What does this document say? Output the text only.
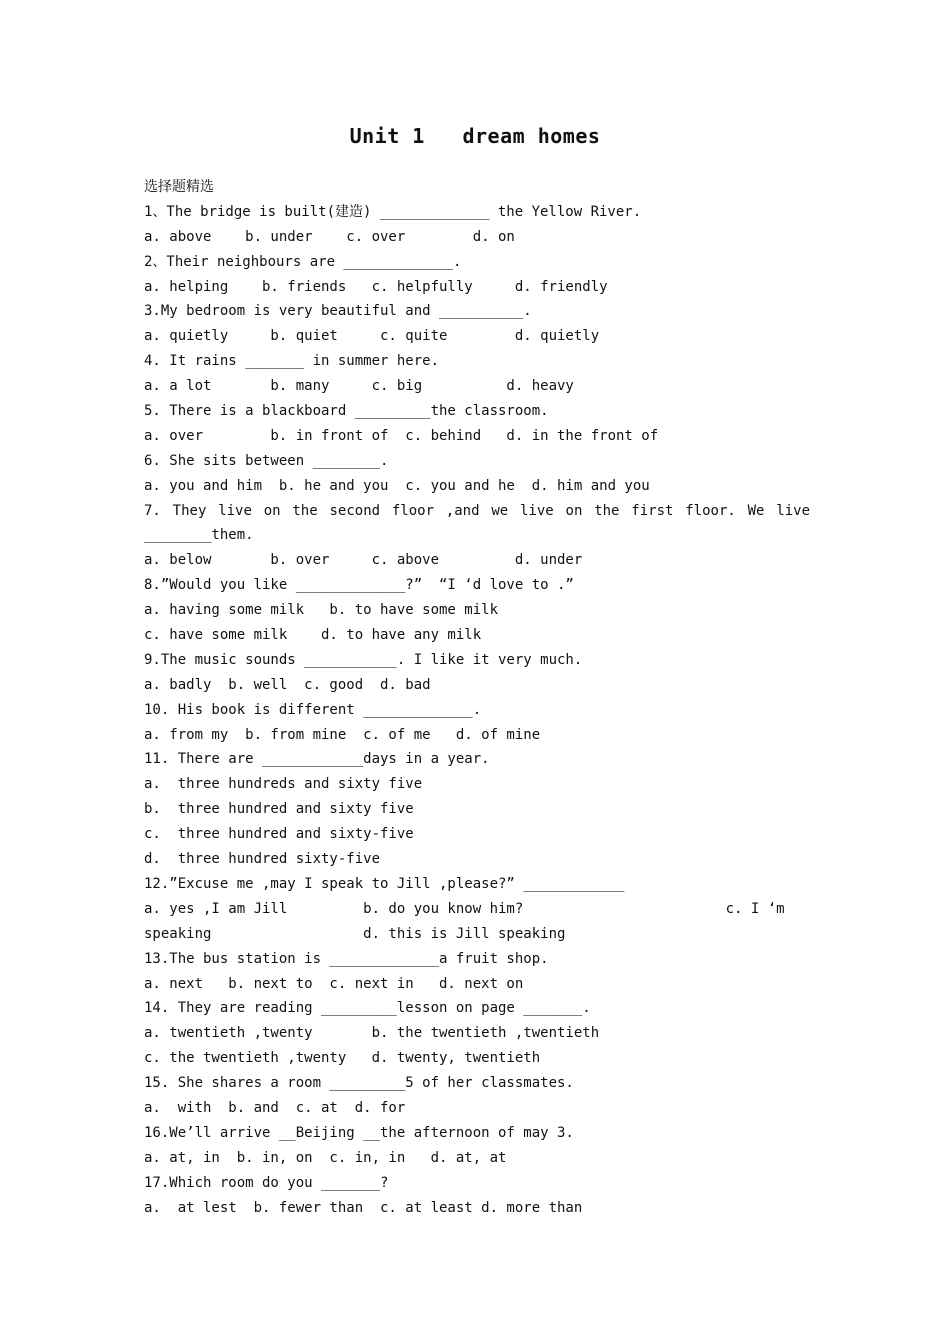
Unit 1   dream homes
选择题精选
1、The bridge is built(建造) _____________ the Yellow River.
a. above    b. under    c. over        d. on
2、Their neighbours are _____________.
a. helping    b. friends   c. helpfully     d. friendly
3.My bedroom is very beautiful and __________.
a. quietly     b. quiet     c. quite        d. quietly
4. It rains _______ in summer here.
a. a lot       b. many     c. big          d. heavy
5. There is a blackboard _________the classroom.
a. over        b. in front of  c. behind   d. in the front of
6. She sits between ________.
a. you and him  b. he and you  c. you and he  d. him and you
7. They live on the second floor ,and we live on the first floor. We live
________them.
a. below       b. over     c. above         d. under
8.”Would you like _____________?”  “I ‘d love to .”
a. having some milk   b. to have some milk
c. have some milk    d. to have any milk
9.The music sounds ___________. I like it very much.
a. badly  b. well  c. good  d. bad
10. His book is different _____________.
a. from my  b. from mine  c. of me   d. of mine
11. There are ____________days in a year.
a.  three hundreds and sixty five
b.  three hundred and sixty five
c.  three hundred and sixty-five
d.  three hundred sixty-five
12.”Excuse me ,may I speak to Jill ,please?” ____________
a. yes ,I am Jill         b. do you know him?                        c. I ‘m
speaking                  d. this is Jill speaking
13.The bus station is _____________a fruit shop.
a. next   b. next to  c. next in   d. next on
14. They are reading _________lesson on page _______.
a. twentieth ,twenty       b. the twentieth ,twentieth
c. the twentieth ,twenty   d. twenty, twentieth
15. She shares a room _________5 of her classmates.
a.  with  b. and  c. at  d. for
16.We’ll arrive __Beijing __the afternoon of may 3.
a. at, in  b. in, on  c. in, in   d. at, at
17.Which room do you _______?
a.  at lest  b. fewer than  c. at least d. more than
